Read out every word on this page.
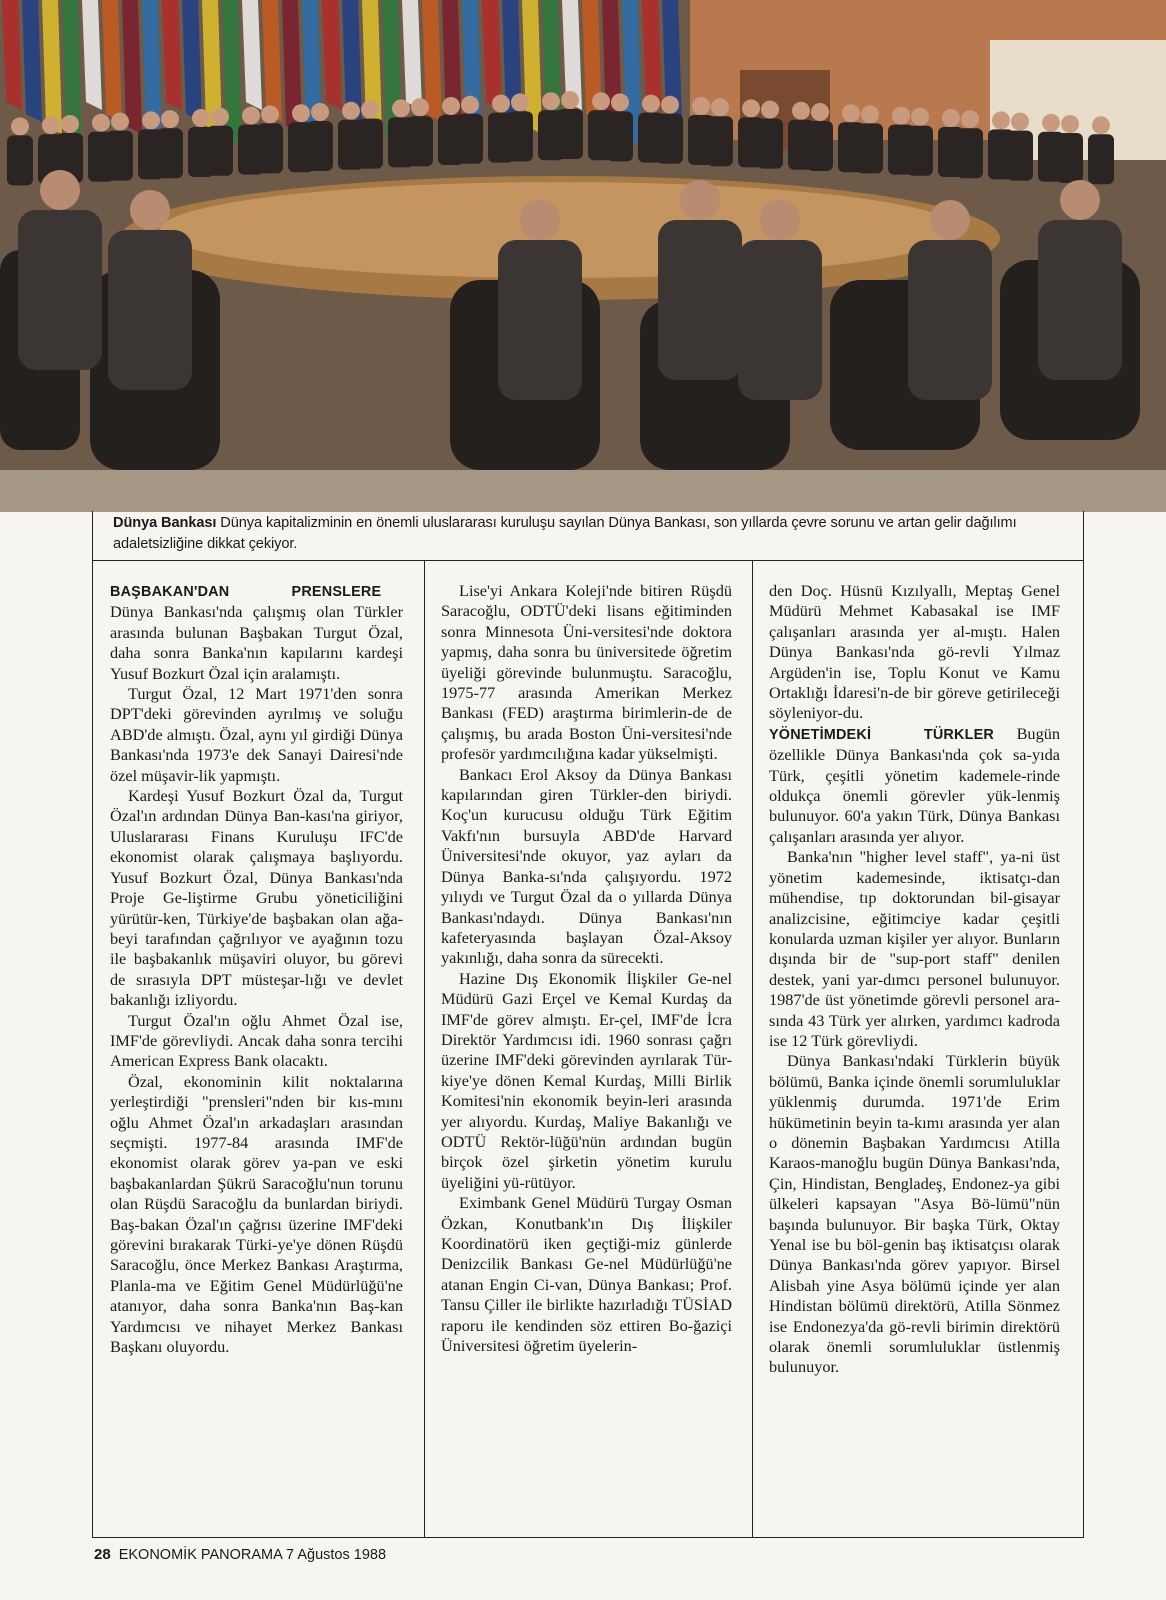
Dünya Bankası Dünya kapitalizminin en önemli uluslararası kuruluşu sayılan Dünya Bankası, son yıllarda çevre sorunu ve artan gelir dağılımı adaletsizliğine dikkat çekiyor.

BAŞBAKAN'DAN PRENSLERE

Dünya Bankası'nda çalışmış olan Türkler arasında bulunan Başbakan Turgut Özal, daha sonra Banka'nın kapılarını kardeşi Yusuf Bozkurt Özal için aralamıştı.

Turgut Özal, 12 Mart 1971'den sonra DPT'deki görevinden ayrılmış ve soluğu ABD'de almıştı. Özal, aynı yıl girdiği Dünya Bankası'nda 1973'e dek Sanayi Dairesi'nde özel müşavir-lik yapmıştı.

Kardeşi Yusuf Bozkurt Özal da, Turgut Özal'ın ardından Dünya Ban-kası'na giriyor, Uluslararası Finans Kuruluşu IFC'de ekonomist olarak çalışmaya başlıyordu. Yusuf Bozkurt Özal, Dünya Bankası'nda Proje Ge-liştirme Grubu yöneticiliğini yürütür-ken, Türkiye'de başbakan olan ağa-beyi tarafından çağrılıyor ve ayağının tozu ile başbakanlık müşaviri oluyor, bu görevi de sırasıyla DPT müsteşar-lığı ve devlet bakanlığı izliyordu.

Turgut Özal'ın oğlu Ahmet Özal ise, IMF'de görevliydi. Ancak daha sonra tercihi American Express Bank olacaktı.

Özal, ekonominin kilit noktalarına yerleştirdiği "prensleri"nden bir kıs-mını oğlu Ahmet Özal'ın arkadaşları arasından seçmişti. 1977-84 arasında IMF'de ekonomist olarak görev ya-pan ve eski başbakanlardan Şükrü Saracoğlu'nun torunu olan Rüşdü Saracoğlu da bunlardan biriydi. Baş-bakan Özal'ın çağrısı üzerine IMF'deki görevini bırakarak Türki-ye'ye dönen Rüşdü Saracoğlu, önce Merkez Bankası Araştırma, Planla-ma ve Eğitim Genel Müdürlüğü'ne atanıyor, daha sonra Banka'nın Baş-kan Yardımcısı ve nihayet Merkez Bankası Başkanı oluyordu.

Lise'yi Ankara Koleji'nde bitiren Rüşdü Saracoğlu, ODTÜ'deki lisans eğitiminden sonra Minnesota Üni-versitesi'nde doktora yapmış, daha sonra bu üniversitede öğretim üyeliği görevinde bulunmuştu. Saracoğlu, 1975-77 arasında Amerikan Merkez Bankası (FED) araştırma birimlerin-de de çalışmış, bu arada Boston Üni-versitesi'nde profesör yardımcılığına kadar yükselmişti.

Bankacı Erol Aksoy da Dünya Bankası kapılarından giren Türkler-den biriydi. Koç'un kurucusu olduğu Türk Eğitim Vakfı'nın bursuyla ABD'de Harvard Üniversitesi'nde okuyor, yaz ayları da Dünya Banka-sı'nda çalışıyordu. 1972 yılıydı ve Turgut Özal da o yıllarda Dünya Bankası'ndaydı. Dünya Bankası'nın kafeteryasında başlayan Özal-Aksoy yakınlığı, daha sonra da sürecekti.

Hazine Dış Ekonomik İlişkiler Ge-nel Müdürü Gazi Erçel ve Kemal Kurdaş da IMF'de görev almıştı. Er-çel, IMF'de İcra Direktör Yardımcısı idi. 1960 sonrası çağrı üzerine IMF'deki görevinden ayrılarak Tür-kiye'ye dönen Kemal Kurdaş, Milli Birlik Komitesi'nin ekonomik beyin-leri arasında yer alıyordu. Kurdaş, Maliye Bakanlığı ve ODTÜ Rektör-lüğü'nün ardından bugün birçok özel şirketin yönetim kurulu üyeliğini yü-rütüyor.

Eximbank Genel Müdürü Turgay Osman Özkan, Konutbank'ın Dış İlişkiler Koordinatörü iken geçtiği-miz günlerde Denizcilik Bankası Ge-nel Müdürlüğü'ne atanan Engin Ci-van, Dünya Bankası; Prof. Tansu Çiller ile birlikte hazırladığı TÜSİAD raporu ile kendinden söz ettiren Bo-ğaziçi Üniversitesi öğretim üyelerin-

den Doç. Hüsnü Kızılyallı, Meptaş Genel Müdürü Mehmet Kabasakal ise IMF çalışanları arasında yer al-mıştı. Halen Dünya Bankası'nda gö-revli Yılmaz Argüden'in ise, Toplu Konut ve Kamu Ortaklığı İdaresi'n-de bir göreve getirileceği söyleniyor-du.

YÖNETİMDEKİ TÜRKLER Bugün özellikle Dünya Bankası'nda çok sa-yıda Türk, çeşitli yönetim kademele-rinde oldukça önemli görevler yük-lenmiş bulunuyor. 60'a yakın Türk, Dünya Bankası çalışanları arasında yer alıyor.

Banka'nın "higher level staff", ya-ni üst yönetim kademesinde, iktisatçı-dan mühendise, tıp doktorundan bil-gisayar analizcisine, eğitimciye kadar çeşitli konularda uzman kişiler yer alıyor. Bunların dışında bir de "sup-port staff" denilen destek, yani yar-dımcı personel bulunuyor. 1987'de üst yönetimde görevli personel ara-sında 43 Türk yer alırken, yardımcı kadroda ise 12 Türk görevliydi.

Dünya Bankası'ndaki Türklerin büyük bölümü, Banka içinde önemli sorumluluklar yüklenmiş durumda. 1971'de Erim hükümetinin beyin ta-kımı arasında yer alan o dönemin Başbakan Yardımcısı Atilla Karaos-manoğlu bugün Dünya Bankası'nda, Çin, Hindistan, Bengladeş, Endonez-ya gibi ülkeleri kapsayan "Asya Bö-lümü"nün başında bulunuyor. Bir başka Türk, Oktay Yenal ise bu böl-genin baş iktisatçısı olarak Dünya Bankası'nda görev yapıyor. Birsel Alisbah yine Asya bölümü içinde yer alan Hindistan bölümü direktörü, Atilla Sönmez ise Endonezya'da gö-revli birimin direktörü olarak önemli sorumluluklar üstlenmiş bulunuyor.

28 EKONOMİK PANORAMA 7 Ağustos 1988
